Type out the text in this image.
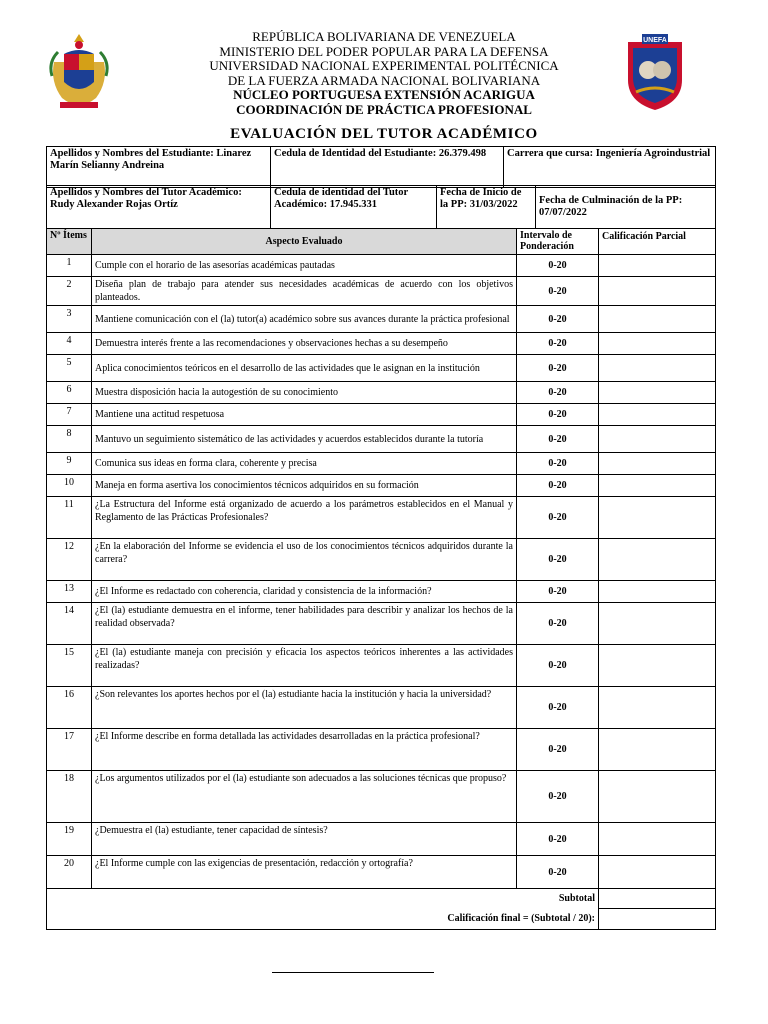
UNEFA
REPÚBLICA BOLIVARIANA DE VENEZUELA
MINISTERIO DEL PODER POPULAR PARA LA DEFENSA
UNIVERSIDAD NACIONAL EXPERIMENTAL POLITÉCNICA
DE LA FUERZA ARMADA NACIONAL BOLIVARIANA
NÚCLEO PORTUGUESA EXTENSIÓN ACARIGUA
COORDINACIÓN DE PRÁCTICA PROFESIONAL
EVALUACIÓN DEL TUTOR ACADÉMICO
Apellidos y Nombres del Estudiante: Linarez Marín Selianny Andreina	Cedula de Identidad del Estudiante: 26.379.498	Carrera que cursa: Ingeniería Agroindustrial
Apellidos y Nombres del Tutor Académico: Rudy Alexander Rojas Ortíz	Cedula de identidad del Tutor Académico: 17.945.331	Fecha de Inicio de la PP: 31/03/2022	Fecha de Culminación de la PP: 07/07/2022
Nº Ítems	Aspecto Evaluado	Intervalo de Ponderación	Calificación Parcial
1	Cumple con el horario de las asesorías académicas pautadas	0-20	
2	Diseña plan de trabajo para atender sus necesidades académicas de acuerdo con los objetivos planteados.	0-20	
3	Mantiene comunicación con el (la) tutor(a) académico sobre sus avances durante la práctica profesional	0-20	
4	Demuestra interés frente a las recomendaciones y observaciones hechas a su desempeño	0-20	
5	Aplica conocimientos teóricos en el desarrollo de las actividades que le asignan en la institución	0-20	
6	Muestra disposición hacia la autogestión de su conocimiento	0-20	
7	Mantiene una actitud respetuosa	0-20	
8	Mantuvo un seguimiento sistemático de las actividades y acuerdos establecidos durante la tutoría	0-20	
9	Comunica sus ideas en forma clara, coherente y precisa	0-20	
10	Maneja en forma asertiva los conocimientos técnicos adquiridos en su formación	0-20	
11	¿La Estructura del Informe está organizado de acuerdo a los parámetros establecidos en el Manual y Reglamento de las Prácticas Profesionales?	0-20	
12	¿En la elaboración del Informe se evidencia el uso de los conocimientos técnicos adquiridos durante la carrera?	0-20	
13	¿El Informe es redactado con coherencia, claridad y consistencia de la información?	0-20	
14	¿El (la) estudiante demuestra en el informe, tener habilidades para describir y analizar los hechos de la realidad observada?	0-20	
15	¿El (la) estudiante maneja con precisión y eficacia los aspectos teóricos inherentes a las actividades realizadas?	0-20	
16	¿Son relevantes los aportes hechos por el (la) estudiante hacia la institución y hacia la universidad?	0-20	
17	¿El Informe describe en forma detallada las actividades desarrolladas en la práctica profesional?	0-20	
18	¿Los argumentos utilizados por el (la) estudiante son adecuados a las soluciones técnicas que propuso?	0-20	
19	¿Demuestra el (la) estudiante, tener capacidad de síntesis?	0-20	
20	¿El Informe cumple con las exigencias de presentación, redacción y ortografía?	0-20	
Subtotal			
Calificación final = (Subtotal / 20):			
